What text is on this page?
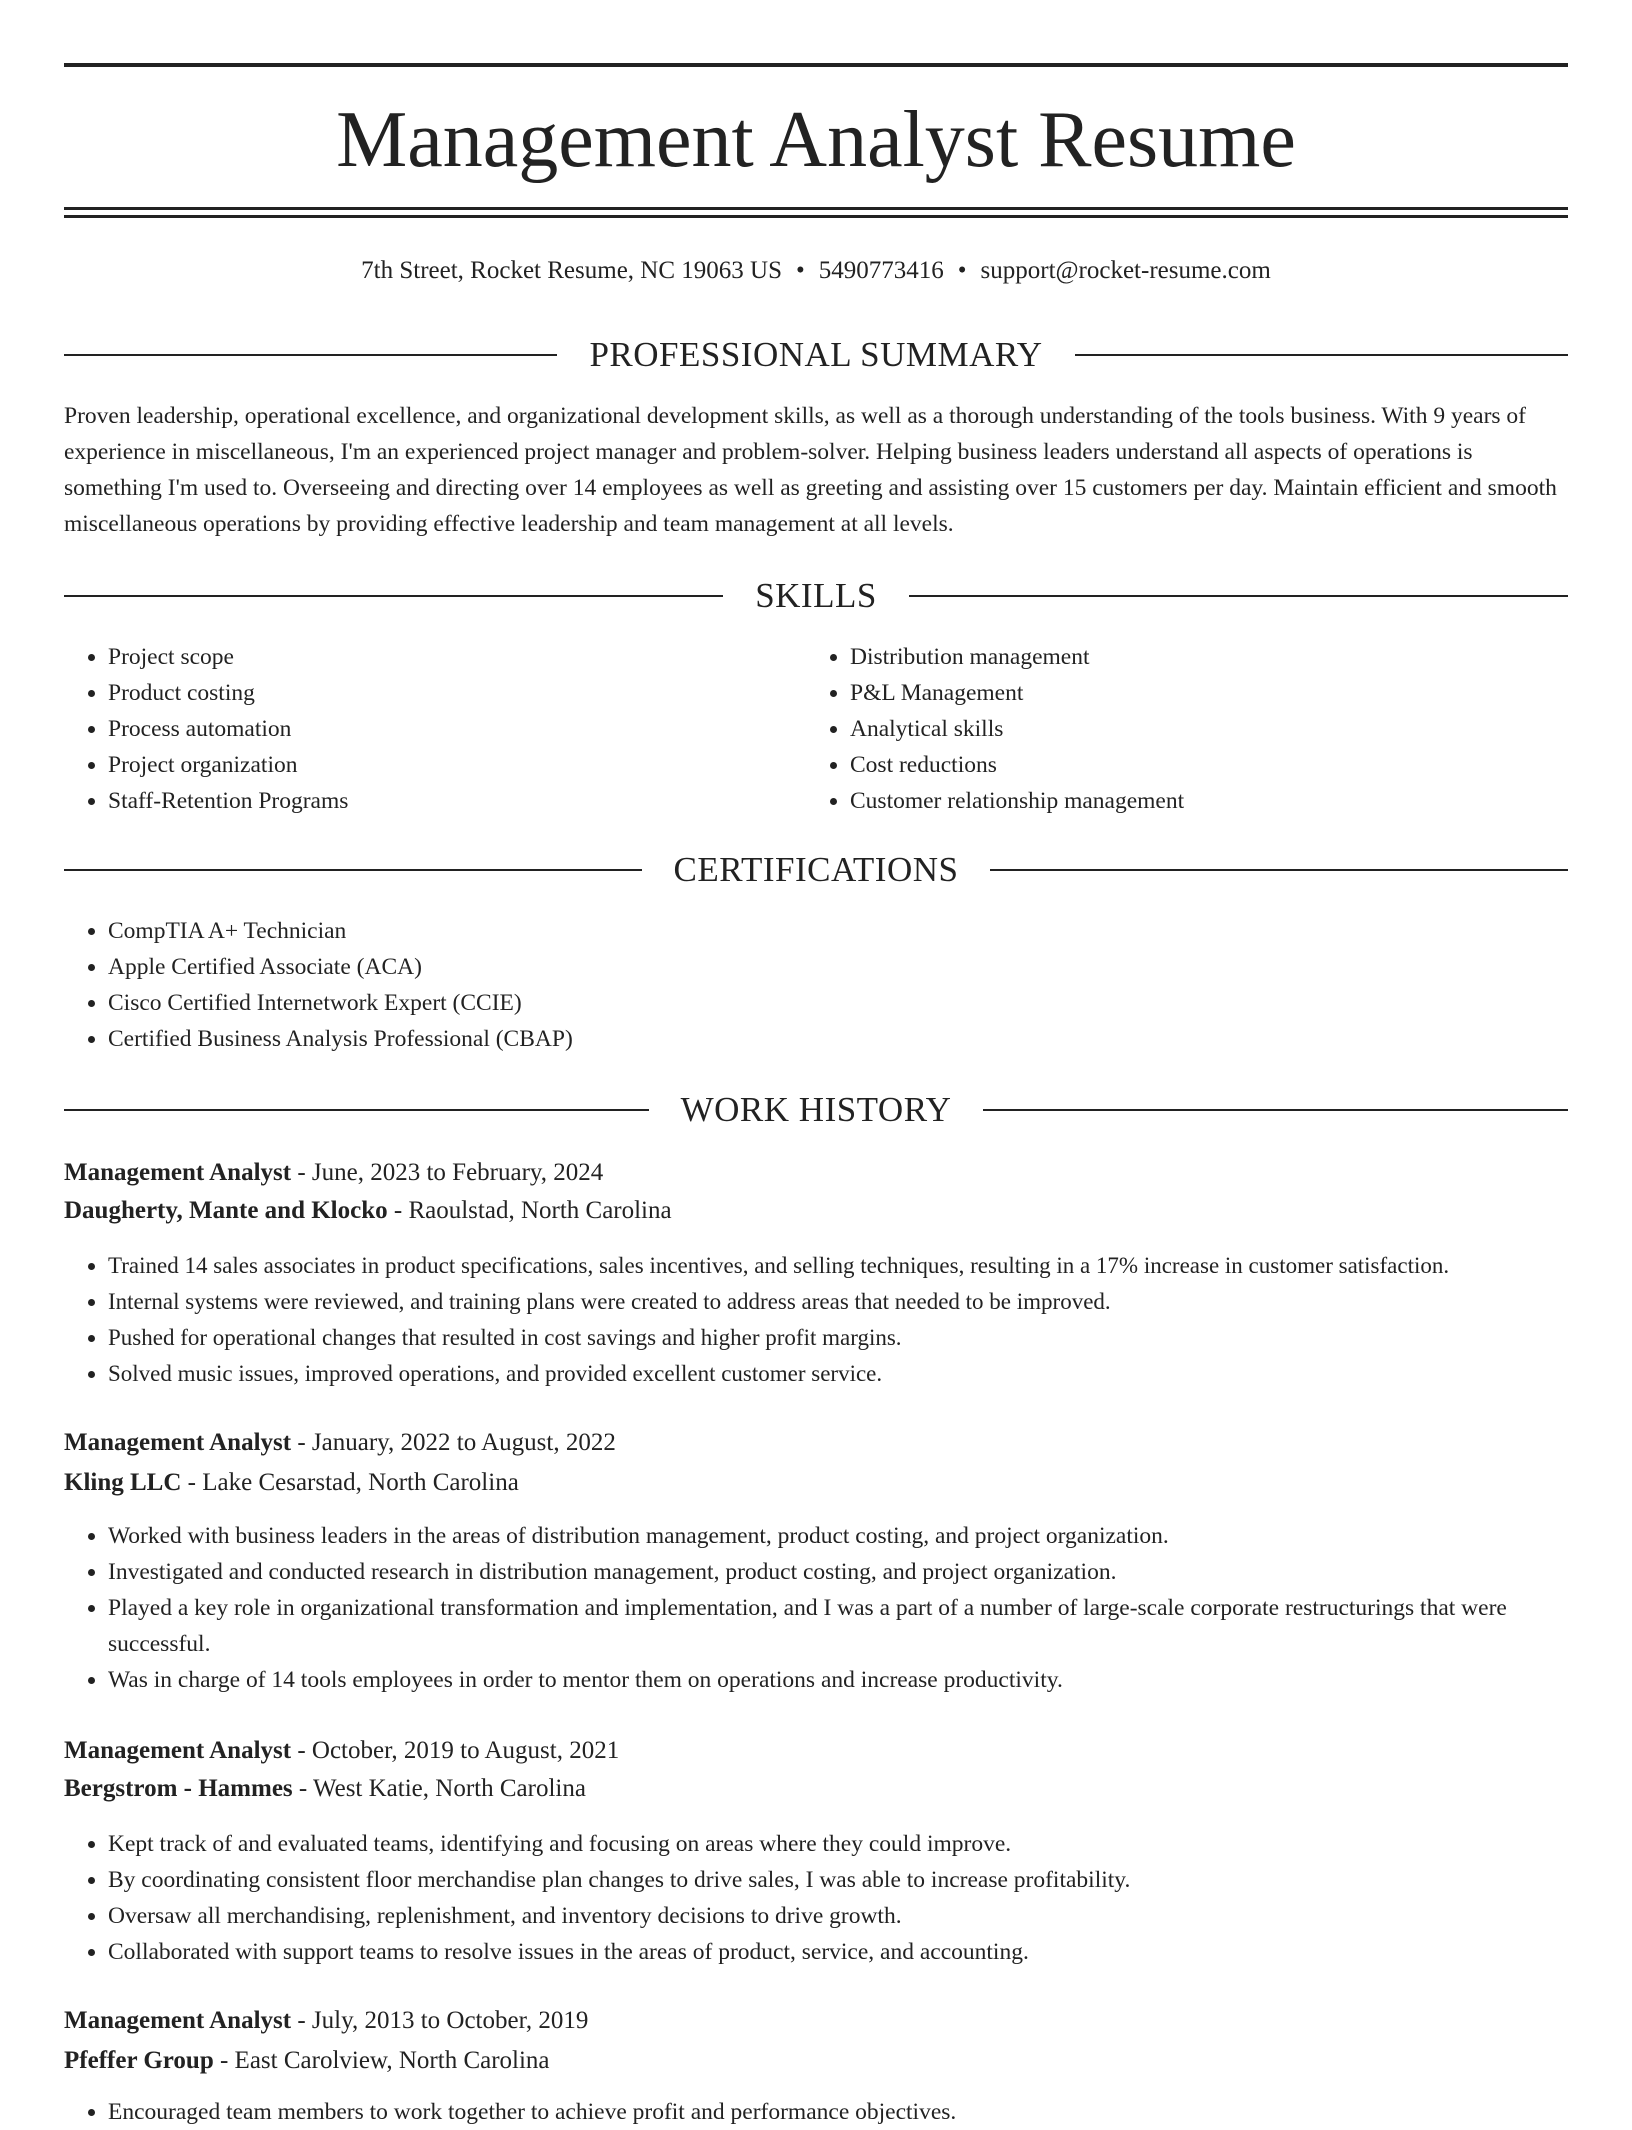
Management Analyst Resume
7th Street, Rocket Resume, NC 19063 US • 5490773416 • support@rocket-resume.com
PROFESSIONAL SUMMARY

Proven leadership, operational excellence, and organizational development skills, as well as a thorough understanding of the tools business. With 9 years of experience in miscellaneous, I'm an experienced project manager and problem-solver. Helping business leaders understand all aspects of operations is something I'm used to. Overseeing and directing over 14 employees as well as greeting and assisting over 15 customers per day. Maintain efficient and smooth miscellaneous operations by providing effective leadership and team management at all levels.

SKILLS
• Project scope
• Product costing
• Process automation
• Project organization
• Staff-Retention Programs
• Distribution management
• P&L Management
• Analytical skills
• Cost reductions
• Customer relationship management
CERTIFICATIONS
• CompTIA A+ Technician
• Apple Certified Associate (ACA)
• Cisco Certified Internetwork Expert (CCIE)
• Certified Business Analysis Professional (CBAP)
WORK HISTORY
Management Analyst - June, 2023 to February, 2024
Daugherty, Mante and Klocko - Raoulstad, North Carolina
• Trained 14 sales associates in product specifications, sales incentives, and selling techniques, resulting in a 17% increase in customer satisfaction.
• Internal systems were reviewed, and training plans were created to address areas that needed to be improved.
• Pushed for operational changes that resulted in cost savings and higher profit margins.
• Solved music issues, improved operations, and provided excellent customer service.
Management Analyst - January, 2022 to August, 2022
Kling LLC - Lake Cesarstad, North Carolina
• Worked with business leaders in the areas of distribution management, product costing, and project organization.
• Investigated and conducted research in distribution management, product costing, and project organization.
• Played a key role in organizational transformation and implementation, and I was a part of a number of large-scale corporate restructurings that were successful.
• Was in charge of 14 tools employees in order to mentor them on operations and increase productivity.
Management Analyst - October, 2019 to August, 2021
Bergstrom - Hammes - West Katie, North Carolina
• Kept track of and evaluated teams, identifying and focusing on areas where they could improve.
• By coordinating consistent floor merchandise plan changes to drive sales, I was able to increase profitability.
• Oversaw all merchandising, replenishment, and inventory decisions to drive growth.
• Collaborated with support teams to resolve issues in the areas of product, service, and accounting.
Management Analyst - July, 2013 to October, 2019
Pfeffer Group - East Carolview, North Carolina
• Encouraged team members to work together to achieve profit and performance objectives.
